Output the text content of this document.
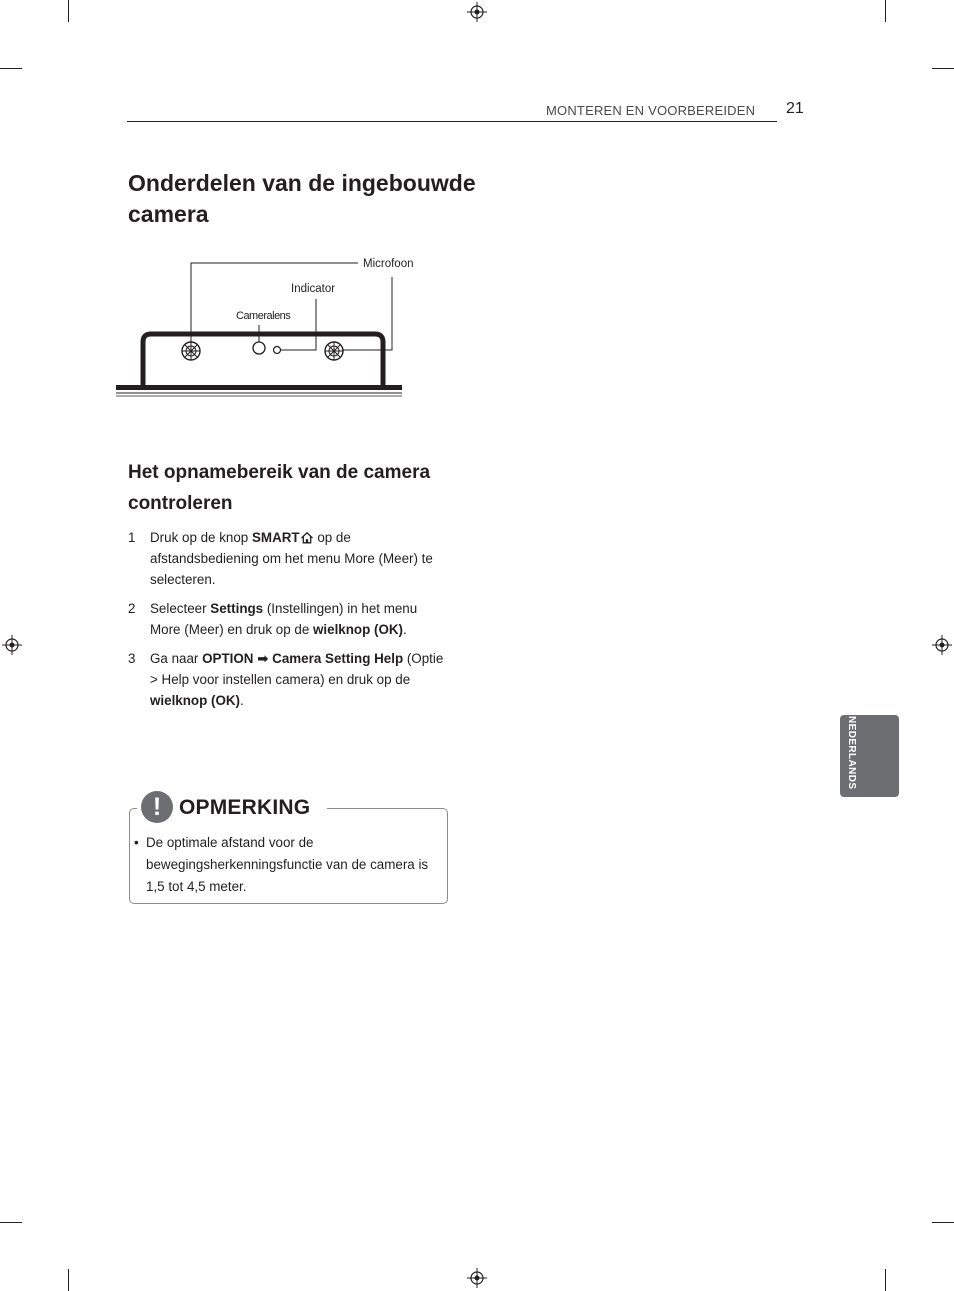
MONTEREN EN VOORBEREIDEN 21
Onderdelen van de ingebouwde camera
Microfoon
Indicator
Cameralens
Het opnamebereik van de camera controleren
1 Druk op de knop SMART op de afstandsbediening om het menu More (Meer) te selecteren.
2 Selecteer Settings (Instellingen) in het menu More (Meer) en druk op de wielknop (OK).
3 Ga naar OPTION ➡ Camera Setting Help (Optie > Help voor instellen camera) en druk op de wielknop (OK).
! OPMERKING
• De optimale afstand voor de bewegingsherkenningsfunctie van de camera is 1,5 tot 4,5 meter.
NEDERLANDS
